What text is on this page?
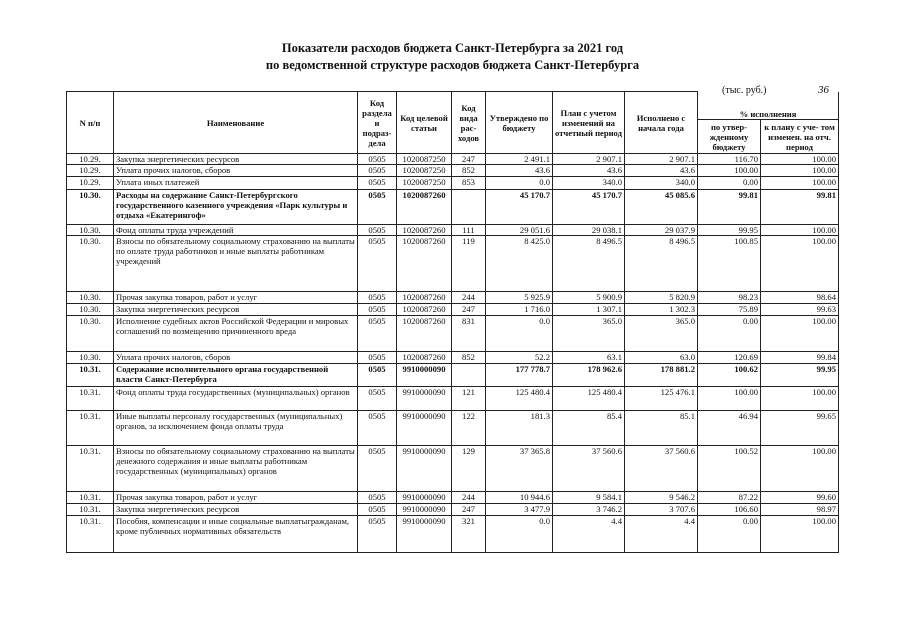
Показатели расходов бюджета Санкт-Петербурга за 2021 год
по ведомственной структуре расходов бюджета Санкт-Петербурга
(тыс. руб.)	36
N п/п	Наименование	Код раздела и подраз- дела	Код целевой статьи	Код вида рас- ходов	Утверждено по бюджету	План с учетом изменений на отчетный период	Исполнено с начала года	% исполнения	
								по утвер- жденному бюджету	к плану с уче- том изменен. на отч. период
10.29.	Закупка энергетических ресурсов	0505	1020087250	247	2 491.1	2 907.1	2 907.1	116.70	100.00
10.29.	Уплата прочих налогов, сборов	0505	1020087250	852	43.6	43.6	43.6	100.00	100.00
10.29.	Уплата иных платежей	0505	1020087250	853	0.0	340.0	340.0	0.00	100.00
10.30.	Расходы на содержание Санкт-Петербургского государственного казенного учреждения «Парк культуры и отдыха «Екатерингоф»	0505	1020087260		45 170.7	45 170.7	45 085.6	99.81	99.81
10.30.	Фонд оплаты труда учреждений	0505	1020087260	111	29 051.6	29 038.1	29 037.9	99.95	100.00
10.30.	Взносы по обязательному социальному страхованию на выплаты по оплате труда работников и иные выплаты работникам учреждений	0505	1020087260	119	8 425.0	8 496.5	8 496.5	100.85	100.00
10.30.	Прочая закупка товаров, работ и услуг	0505	1020087260	244	5 925.9	5 900.9	5 820.9	98.23	98.64
10.30.	Закупка энергетических ресурсов	0505	1020087260	247	1 716.0	1 307.1	1 302.3	75.89	99.63
10.30.	Исполнение судебных актов Российской Федерации и мировых соглашений по возмещению причиненного вреда	0505	1020087260	831	0.0	365.0	365.0	0.00	100.00
10.30.	Уплата прочих налогов, сборов	0505	1020087260	852	52.2	63.1	63.0	120.69	99.84
10.31.	Содержание исполнительного органа государственной власти Санкт-Петербурга	0505	9910000090		177 778.7	178 962.6	178 881.2	100.62	99.95
10.31.	Фонд оплаты труда государственных (муниципальных) органов	0505	9910000090	121	125 480.4	125 480.4	125 476.1	100.00	100.00
10.31.	Иные выплаты персоналу государственных (муниципальных) органов, за исключением фонда оплаты труда	0505	9910000090	122	181.3	85.4	85.1	46.94	99.65
10.31.	Взносы по обязательному социальному страхованию на выплаты денежного содержания и иные выплаты работникам государственных (муниципальных) органов	0505	9910000090	129	37 365.8	37 560.6	37 560.6	100.52	100.00
10.31.	Прочая закупка товаров, работ и услуг	0505	9910000090	244	10 944.6	9 584.1	9 546.2	87.22	99.60
10.31.	Закупка энергетических ресурсов	0505	9910000090	247	3 477.9	3 746.2	3 707.6	106.60	98.97
10.31.	Пособия, компенсации и иные социальные выплатыгражданам, кроме публичных нормативных обязательств	0505	9910000090	321	0.0	4.4	4.4	0.00	100.00
